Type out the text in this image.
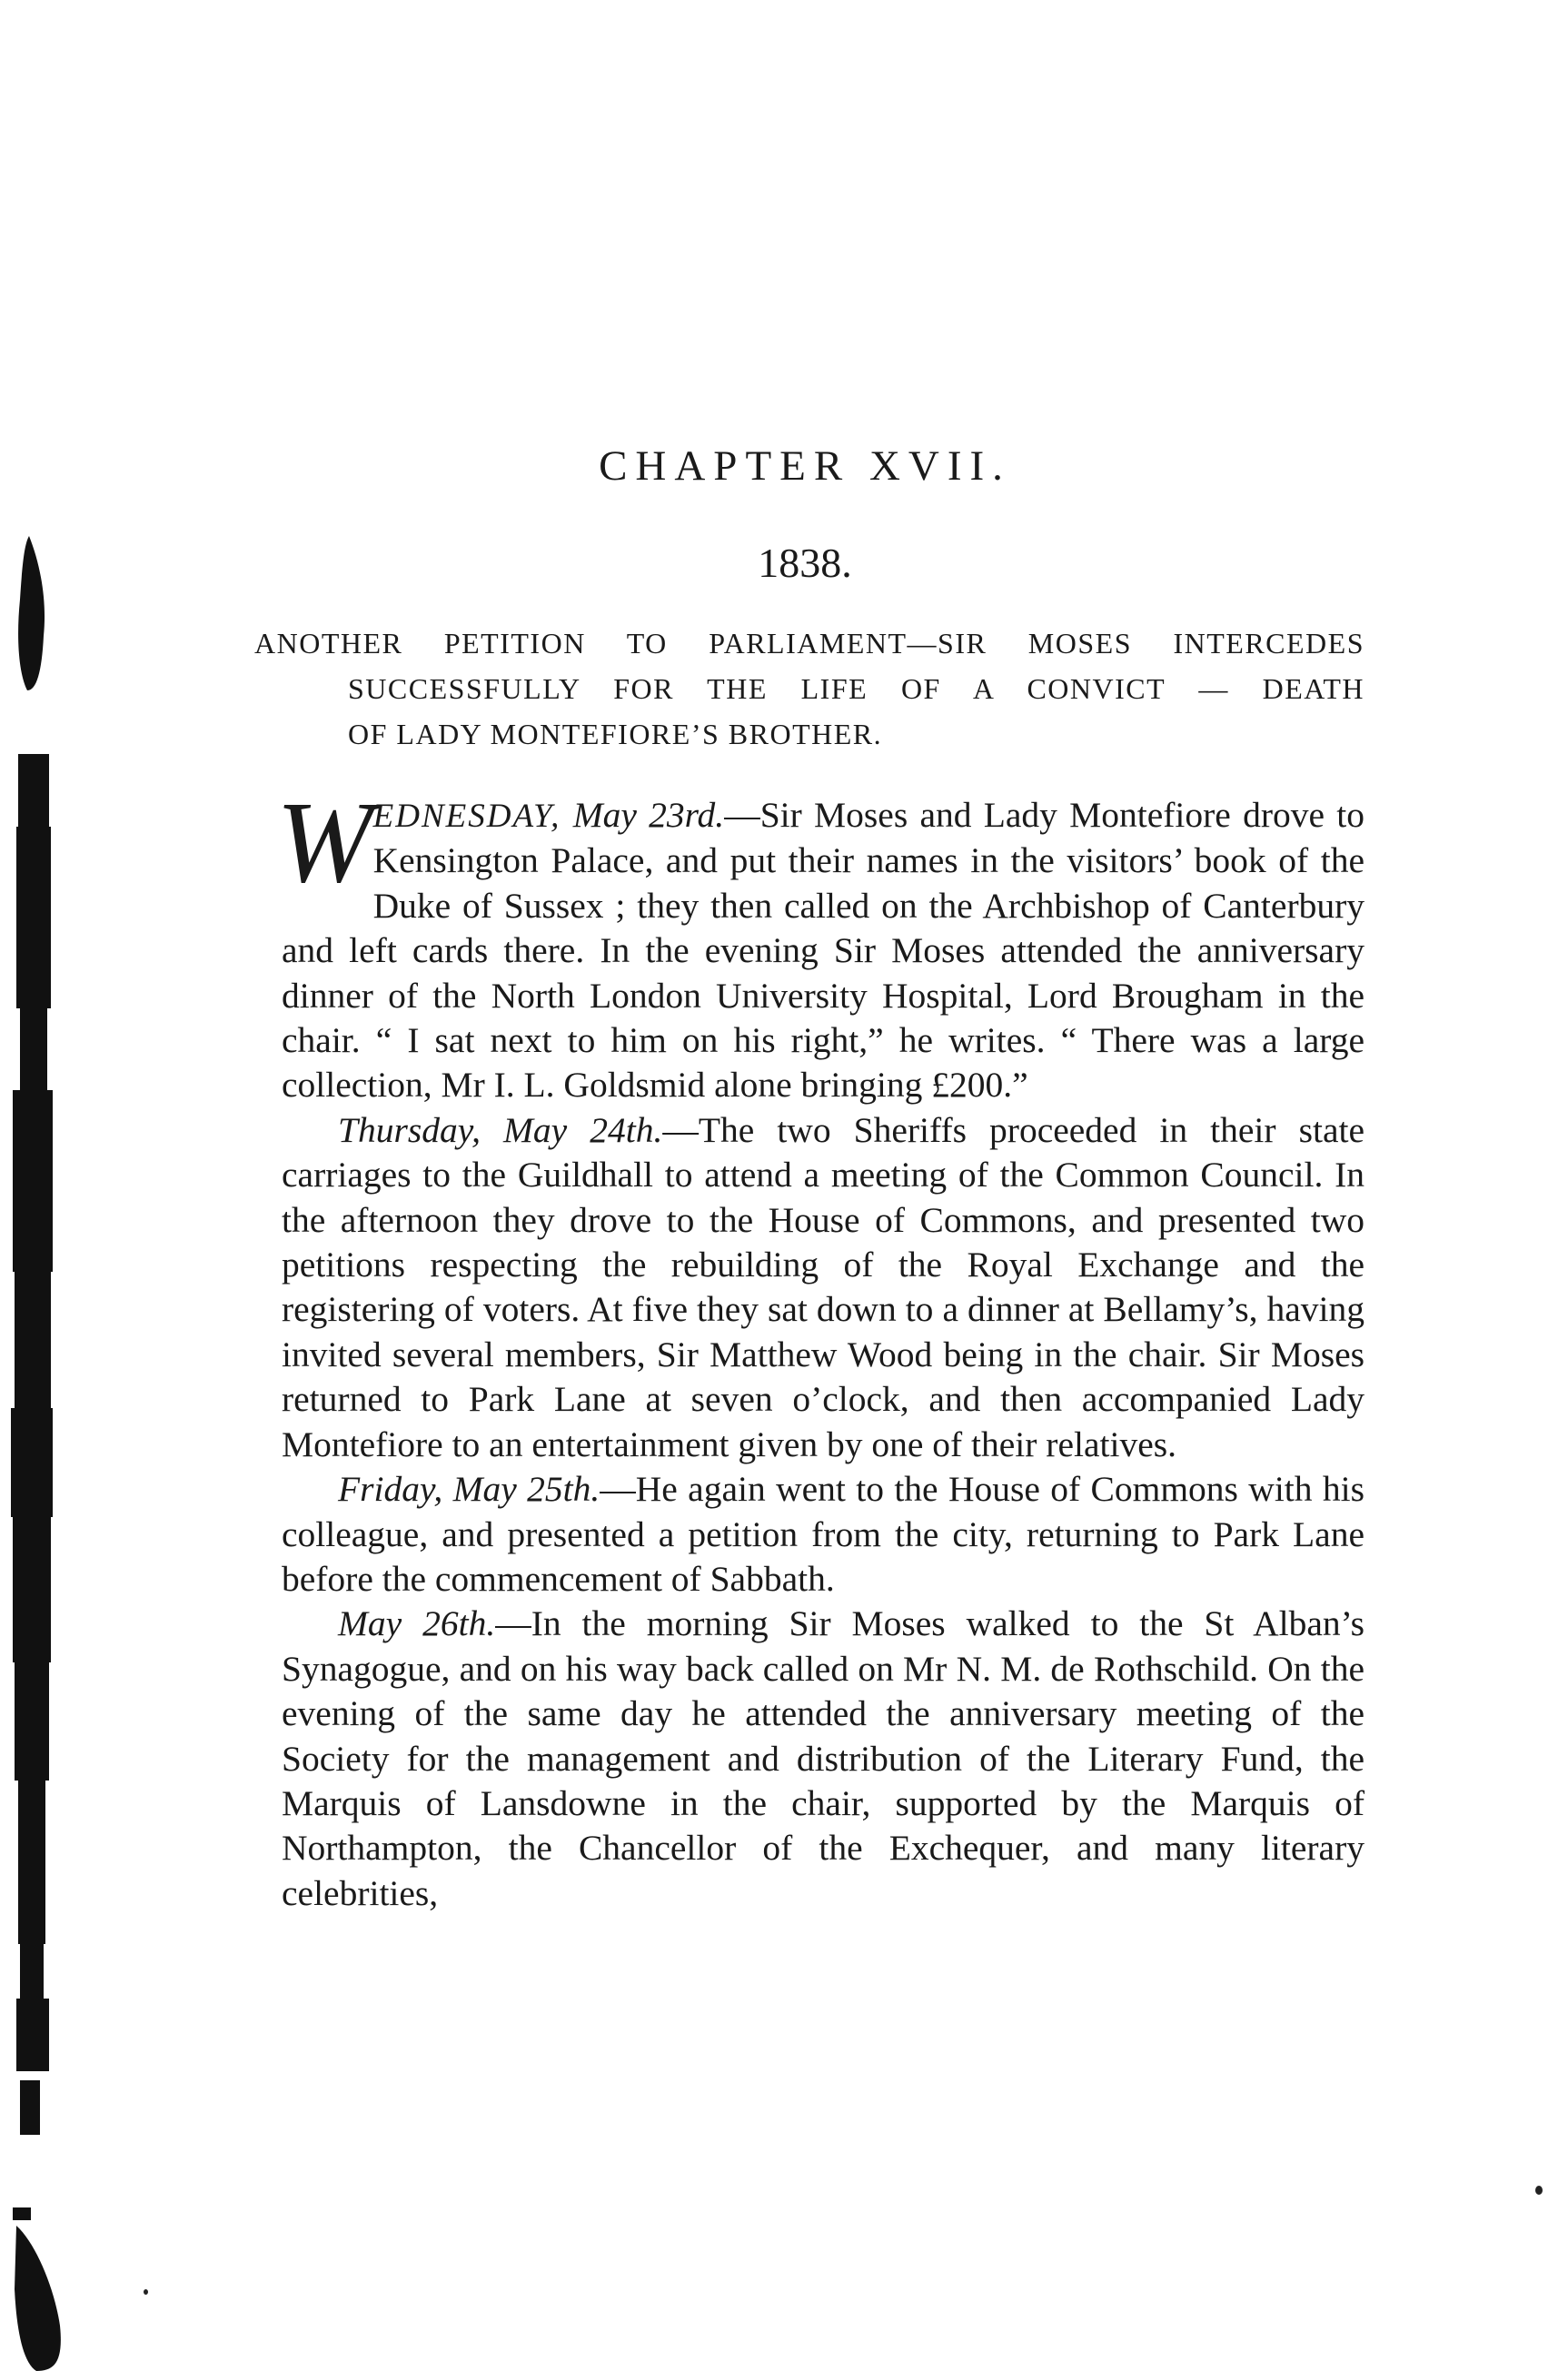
CHAPTER XVII.
1838.
ANOTHER PETITION TO PARLIAMENT—SIR MOSES INTERCEDES
SUCCESSFULLY FOR THE LIFE OF A CONVICT — DEATH
OF LADY MONTEFIORE’S BROTHER.

WEDNESDAY, May 23rd.—Sir Moses and Lady Montefiore drove to Kensington Palace, and put their names in the visitors’ book of the Duke of Sussex ; they then called on the Archbishop of Canterbury and left cards there. In the evening Sir Moses attended the anniversary dinner of the North London University Hospital, Lord Brougham in the chair. “ I sat next to him on his right,” he writes. “ There was a large collection, Mr I. L. Goldsmid alone bringing £200.”

Thursday, May 24th.—The two Sheriffs proceeded in their state carriages to the Guildhall to attend a meeting of the Common Council. In the afternoon they drove to the House of Commons, and presented two petitions respecting the rebuilding of the Royal Exchange and the registering of voters. At five they sat down to a dinner at Bellamy’s, having invited several members, Sir Matthew Wood being in the chair. Sir Moses returned to Park Lane at seven o’clock, and then accompanied Lady Montefiore to an entertainment given by one of their relatives.

Friday, May 25th.—He again went to the House of Commons with his colleague, and presented a petition from the city, returning to Park Lane before the commencement of Sabbath.

May 26th.—In the morning Sir Moses walked to the St Alban’s Synagogue, and on his way back called on Mr N. M. de Rothschild. On the evening of the same day he attended the anniversary meeting of the Society for the management and distribution of the Literary Fund, the Marquis of Lansdowne in the chair, supported by the Marquis of Northampton, the Chancellor of the Exchequer, and many literary celebrities,
